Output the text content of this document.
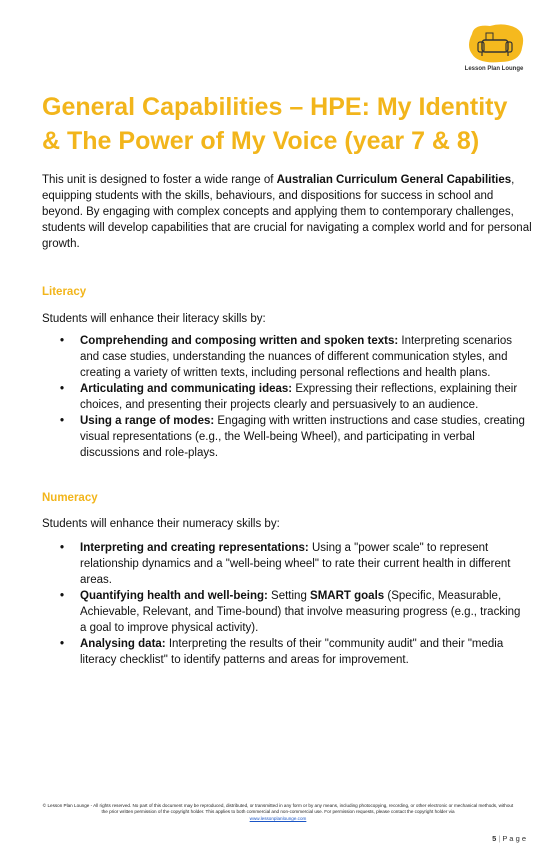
Lesson Plan Lounge
General Capabilities – HPE: My Identity & The Power of My Voice (year 7 & 8)

This unit is designed to foster a wide range of Australian Curriculum General Capabilities, equipping students with the skills, behaviours, and dispositions for success in school and beyond. By engaging with complex concepts and applying them to contemporary challenges, students will develop capabilities that are crucial for navigating a complex world and for personal growth.

Literacy

Students will enhance their literacy skills by:

• Comprehending and composing written and spoken texts: Interpreting scenarios and case studies, understanding the nuances of different communication styles, and creating a variety of written texts, including personal reflections and health plans.
• Articulating and communicating ideas: Expressing their reflections, explaining their choices, and presenting their projects clearly and persuasively to an audience.
• Using a range of modes: Engaging with written instructions and case studies, creating visual representations (e.g., the Well-being Wheel), and participating in verbal discussions and role-plays.
Numeracy

Students will enhance their numeracy skills by:

• Interpreting and creating representations: Using a "power scale" to represent relationship dynamics and a "well-being wheel" to rate their current health in different areas.
• Quantifying health and well-being: Setting SMART goals (Specific, Measurable, Achievable, Relevant, and Time-bound) that involve measuring progress (e.g., tracking a goal to improve physical activity).
• Analysing data: Interpreting the results of their "community audit" and their "media literacy checklist" to identify patterns and areas for improvement.
© Lesson Plan Lounge - All rights reserved. No part of this document may be reproduced, distributed, or transmitted in any form or by any means, including photocopying, recording, or other electronic or mechanical methods, without the prior written permission of the copyright holder. This applies to both commercial and non-commercial use. For permission requests, please contact the copyright holder via
www.lessonplanlounge.com
5 | P a g e
